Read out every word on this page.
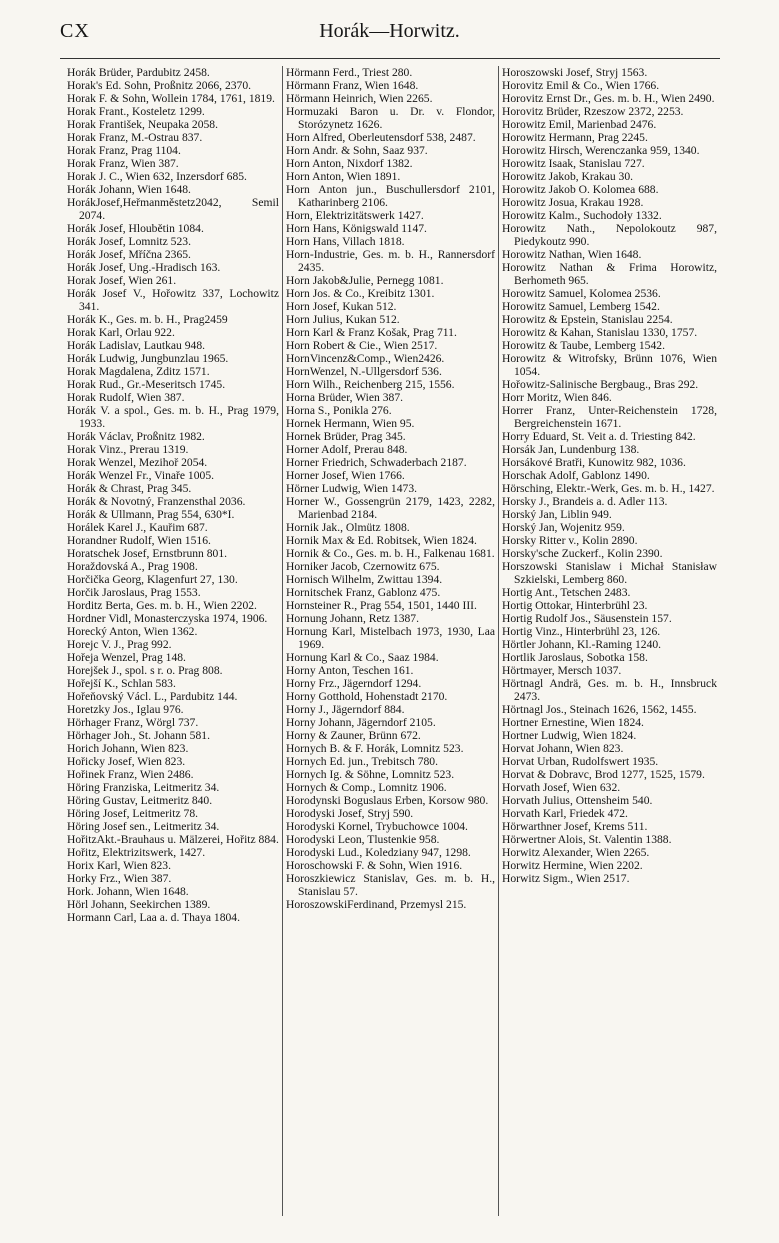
CX	Horák—Horwitz.
Horák Brüder, Pardubitz 2458.
Horak's Ed. Sohn, Proßnitz 2066, 2370.
Horak F. & Sohn, Wollein 1784, 1761, 1819.
Horak Frant., Kosteletz 1299.
Horak František, Neupaka 2058.
Horak Franz, M.-Ostrau 837.
Horak Franz, Prag 1104.
Horak Franz, Wien 387.
Horak J. C., Wien 632, Inzersdorf 685.
Horák Johann, Wien 1648.
HorákJosef,Heřmanměstetz2042, Semil 2074.
Horák Josef, Hloubětin 1084.
Horák Josef, Lomnitz 523.
Horák Josef, Mříčna 2365.
Horák Josef, Ung.-Hradisch 163.
Horak Josef, Wien 261.
Horák Josef V., Hořowitz 337, Lochowitz 341.
Horák K., Ges. m. b. H., Prag2459
Horak Karl, Orlau 922.
Horák Ladislav, Lautkau 948.
Horák Ludwig, Jungbunzlau 1965.
Horak Magdalena, Zditz 1571.
Horak Rud., Gr.-Meseritsch 1745.
Horak Rudolf, Wien 387.
Horák V. a spol., Ges. m. b. H., Prag 1979, 1933.
Horák Václav, Proßnitz 1982.
Horak Vinz., Prerau 1319.
Horak Wenzel, Mezihoř 2054.
Horák Wenzel Fr., Vinaře 1005.
Horák & Chrast, Prag 345.
Horák & Novotný, Franzensthal 2036.
Horák & Ullmann, Prag 554, 630*I.
Horálek Karel J., Kauřim 687.
Horandner Rudolf, Wien 1516.
Horatschek Josef, Ernstbrunn 801.
Horaždovská A., Prag 1908.
Horčička Georg, Klagenfurt 27, 130.
Horčik Jaroslaus, Prag 1553.
Horditz Berta, Ges. m. b. H., Wien 2202.
Hordner Vidl, Monasterczyska 1974, 1906.
Horecký Anton, Wien 1362.
Horejc V. J., Prag 992.
Hořeja Wenzel, Prag 148.
Horejšek J., spol. s r. o. Prag 808.
Hořejší K., Schlan 583.
Hořeňovský Václ. L., Pardubitz 144.
Horetzky Jos., Iglau 976.
Hörhager Franz, Wörgl 737.
Hörhager Joh., St. Johann 581.
Horich Johann, Wien 823.
Hořicky Josef, Wien 823.
Hořinek Franz, Wien 2486.
Höring Franziska, Leitmeritz 34.
Höring Gustav, Leitmeritz 840.
Höring Josef, Leitmeritz 78.
Höring Josef sen., Leitmeritz 34.
HořitzAkt.-Brauhaus u. Mälzerei, Hořitz 884.
Hořitz, Elektrizitswerk, 1427.
Horix Karl, Wien 823.
Horky Frz., Wien 387.
Hork. Johann, Wien 1648.
Hörl Johann, Seekirchen 1389.
Hormann Carl, Laa a. d. Thaya 1804.
Hörmann Ferd., Triest 280.
Hörmann Franz, Wien 1648.
Hörmann Heinrich, Wien 2265.
Hormuzaki Baron u. Dr. v. Flondor, Storózynetz 1626.
Horn Alfred, Oberleutensdorf 538, 2487.
Horn Andr. & Sohn, Saaz 937.
Horn Anton, Nixdorf 1382.
Horn Anton, Wien 1891.
Horn Anton jun., Buschullersdorf 2101, Katharinberg 2106.
Horn, Elektrizitätswerk 1427.
Horn Hans, Königswald 1147.
Horn Hans, Villach 1818.
Horn-Industrie, Ges. m. b. H., Rannersdorf 2435.
Horn Jakob&Julie, Pernegg 1081.
Horn Jos. & Co., Kreibitz 1301.
Horn Josef, Kukan 512.
Horn Julius, Kukan 512.
Horn Karl & Franz Košak, Prag 711.
Horn Robert & Cie., Wien 2517.
HornVincenz&Comp., Wien2426.
HornWenzel, N.-Ullgersdorf 536.
Horn Wilh., Reichenberg 215, 1556.
Horna Brüder, Wien 387.
Horna S., Ponikla 276.
Hornek Hermann, Wien 95.
Hornek Brüder, Prag 345.
Horner Adolf, Prerau 848.
Horner Friedrich, Schwaderbach 2187.
Horner Josef, Wien 1766.
Hörner Ludwig, Wien 1473.
Horner W., Gossengrün 2179, 1423, 2282, Marienbad 2184.
Hornik Jak., Olmütz 1808.
Hornik Max & Ed. Robitsek, Wien 1824.
Hornik & Co., Ges. m. b. H., Falkenau 1681.
Horniker Jacob, Czernowitz 675.
Hornisch Wilhelm, Zwittau 1394.
Hornitschek Franz, Gablonz 475.
Hornsteiner R., Prag 554, 1501, 1440 III.
Hornung Johann, Retz 1387.
Hornung Karl, Mistelbach 1973, 1930, Laa 1969.
Hornung Karl & Co., Saaz 1984.
Horny Anton, Teschen 161.
Horny Frz., Jägerndorf 1294.
Horny Gotthold, Hohenstadt 2170.
Horny J., Jägerndorf 884.
Horny Johann, Jägerndorf 2105.
Horny & Zauner, Brünn 672.
Hornych B. & F. Horák, Lomnitz 523.
Hornych Ed. jun., Trebitsch 780.
Hornych Ig. & Söhne, Lomnitz 523.
Hornych & Comp., Lomnitz 1906.
Horodynski Boguslaus Erben, Korsow 980.
Horodyski Josef, Stryj 590.
Horodyski Kornel, Trybuchowce 1004.
Horodyski Leon, Tlustenkie 958.
Horodyski Lud., Koledziany 947, 1298.
Horoschowski F. & Sohn, Wien 1916.
Horoszkiewicz Stanislav, Ges. m. b. H., Stanislau 57.
HoroszowskiFerdinand, Przemysl 215.
Horoszowski Josef, Stryj 1563.
Horovitz Emil & Co., Wien 1766.
Horovitz Ernst Dr., Ges. m. b. H., Wien 2490.
Horovitz Brüder, Rzeszow 2372, 2253.
Horowitz Emil, Marienbad 2476.
Horowitz Hermann, Prag 2245.
Horowitz Hirsch, Werenczanka 959, 1340.
Horowitz Isaak, Stanislau 727.
Horowitz Jakob, Krakau 30.
Horowitz Jakob O. Kolomea 688.
Horowitz Josua, Krakau 1928.
Horowitz Kalm., Suchodoły 1332.
Horowitz Nath., Nepolokoutz 987, Piedykoutz 990.
Horowitz Nathan, Wien 1648.
Horowitz Nathan & Frima Horowitz, Berhometh 965.
Horowitz Samuel, Kolomea 2536.
Horowitz Samuel, Lemberg 1542.
Horowitz & Epstein, Stanislau 2254.
Horowitz & Kahan, Stanislau 1330, 1757.
Horowitz & Taube, Lemberg 1542.
Horowitz & Witrofsky, Brünn 1076, Wien 1054.
Hořowitz-Salinische Bergbaug., Bras 292.
Horr Moritz, Wien 846.
Horrer Franz, Unter-Reichenstein 1728, Bergreichenstein 1671.
Horry Eduard, St. Veit a. d. Triesting 842.
Horsák Jan, Lundenburg 138.
Horsákové Bratři, Kunowitz 982, 1036.
Horschak Adolf, Gablonz 1490.
Hörsching, Elektr.-Werk, Ges. m. b. H., 1427.
Horsky J., Brandeis a. d. Adler 113.
Horský Jan, Liblin 949.
Horský Jan, Wojenitz 959.
Horsky Ritter v., Kolin 2890.
Horsky'sche Zuckerf., Kolin 2390.
Horszowski Stanislaw i Michał Stanisław Szkielski, Lemberg 860.
Hortig Ant., Tetschen 2483.
Hortig Ottokar, Hinterbrühl 23.
Hortig Rudolf Jos., Säusenstein 157.
Hortig Vinz., Hinterbrühl 23, 126.
Hörtler Johann, Kl.-Raming 1240.
Hortlik Jaroslaus, Sobotka 158.
Hörtmayer, Mersch 1037.
Hörtnagl Andrä, Ges. m. b. H., Innsbruck 2473.
Hörtnagl Jos., Steinach 1626, 1562, 1455.
Hortner Ernestine, Wien 1824.
Hortner Ludwig, Wien 1824.
Horvat Johann, Wien 823.
Horvat Urban, Rudolfswert 1935.
Horvat & Dobravc, Brod 1277, 1525, 1579.
Horvath Josef, Wien 632.
Horvath Julius, Ottensheim 540.
Horvath Karl, Friedek 472.
Hörwarthner Josef, Krems 511.
Hörwertner Alois, St. Valentin 1388.
Horwitz Alexander, Wien 2265.
Horwitz Hermine, Wien 2202.
Horwitz Sigm., Wien 2517.
